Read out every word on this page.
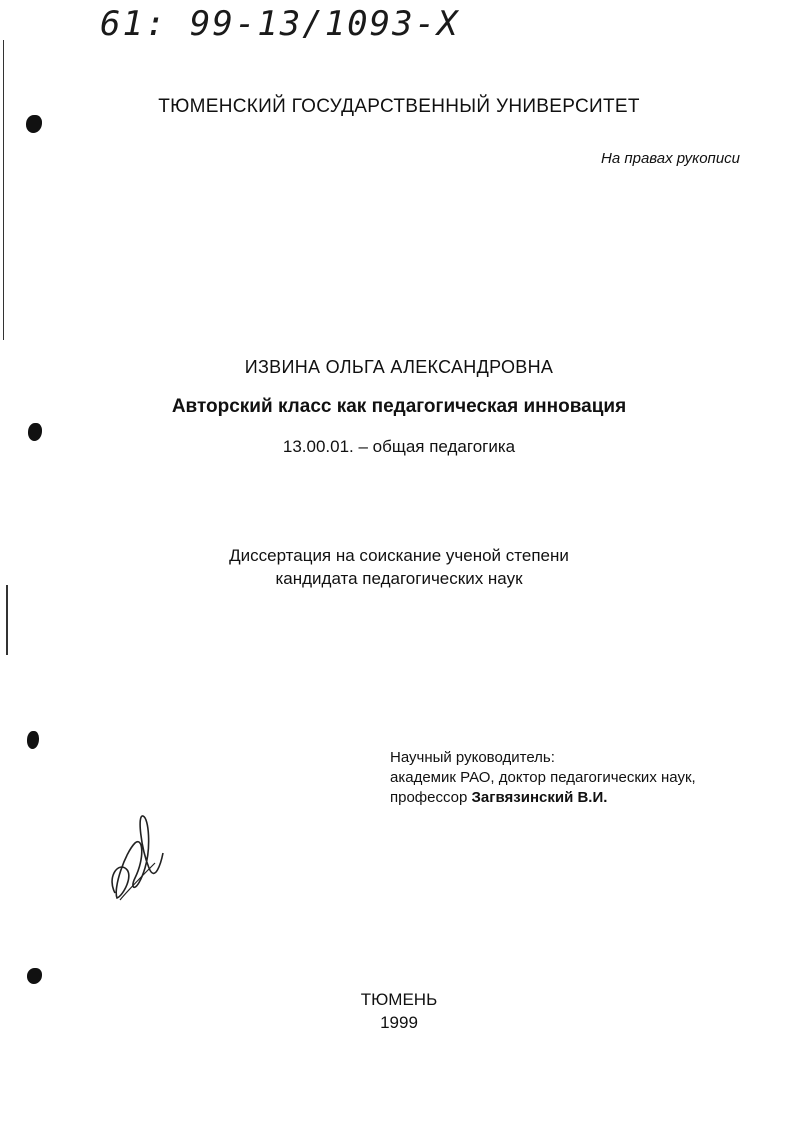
61: 99-13/1093-X
ТЮМЕНСКИЙ ГОСУДАРСТВЕННЫЙ УНИВЕРСИТЕТ
На правах рукописи
ИЗВИНА ОЛЬГА АЛЕКСАНДРОВНА
Авторский класс как педагогическая инновация
13.00.01. – общая педагогика
Диссертация на соискание ученой степени
кандидата педагогических наук
Научный руководитель:
академик РАО, доктор педагогических наук,
профессор Загвязинский В.И.
ТЮМЕНЬ
1999
